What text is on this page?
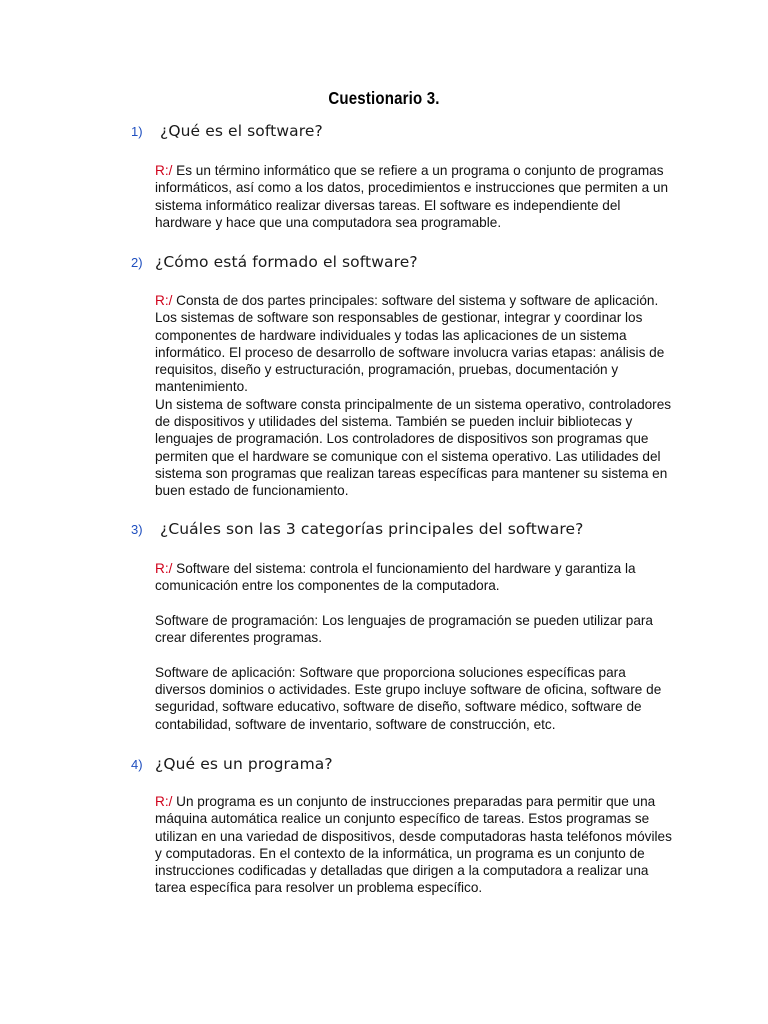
Cuestionario 3.
1) ¿Qué es el software?

R:/ Es un término informático que se refiere a un programa o conjunto de programas informáticos, así como a los datos, procedimientos e instrucciones que permiten a un sistema informático realizar diversas tareas. El software es independiente del hardware y hace que una computadora sea programable.

2) ¿Cómo está formado el software?

R:/ Consta de dos partes principales: software del sistema y software de aplicación. Los sistemas de software son responsables de gestionar, integrar y coordinar los componentes de hardware individuales y todas las aplicaciones de un sistema informático. El proceso de desarrollo de software involucra varias etapas: análisis de requisitos, diseño y estructuración, programación, pruebas, documentación y mantenimiento.

Un sistema de software consta principalmente de un sistema operativo, controladores de dispositivos y utilidades del sistema. También se pueden incluir bibliotecas y lenguajes de programación. Los controladores de dispositivos son programas que permiten que el hardware se comunique con el sistema operativo. Las utilidades del sistema son programas que realizan tareas específicas para mantener su sistema en buen estado de funcionamiento.

3) ¿Cuáles son las 3 categorías principales del software?

R:/ Software del sistema: controla el funcionamiento del hardware y garantiza la comunicación entre los componentes de la computadora.

Software de programación: Los lenguajes de programación se pueden utilizar para crear diferentes programas.

Software de aplicación: Software que proporciona soluciones específicas para diversos dominios o actividades. Este grupo incluye software de oficina, software de seguridad, software educativo, software de diseño, software médico, software de contabilidad, software de inventario, software de construcción, etc.

4) ¿Qué es un programa?

R:/ Un programa es un conjunto de instrucciones preparadas para permitir que una máquina automática realice un conjunto específico de tareas. Estos programas se utilizan en una variedad de dispositivos, desde computadoras hasta teléfonos móviles y computadoras. En el contexto de la informática, un programa es un conjunto de instrucciones codificadas y detalladas que dirigen a la computadora a realizar una tarea específica para resolver un problema específico.
